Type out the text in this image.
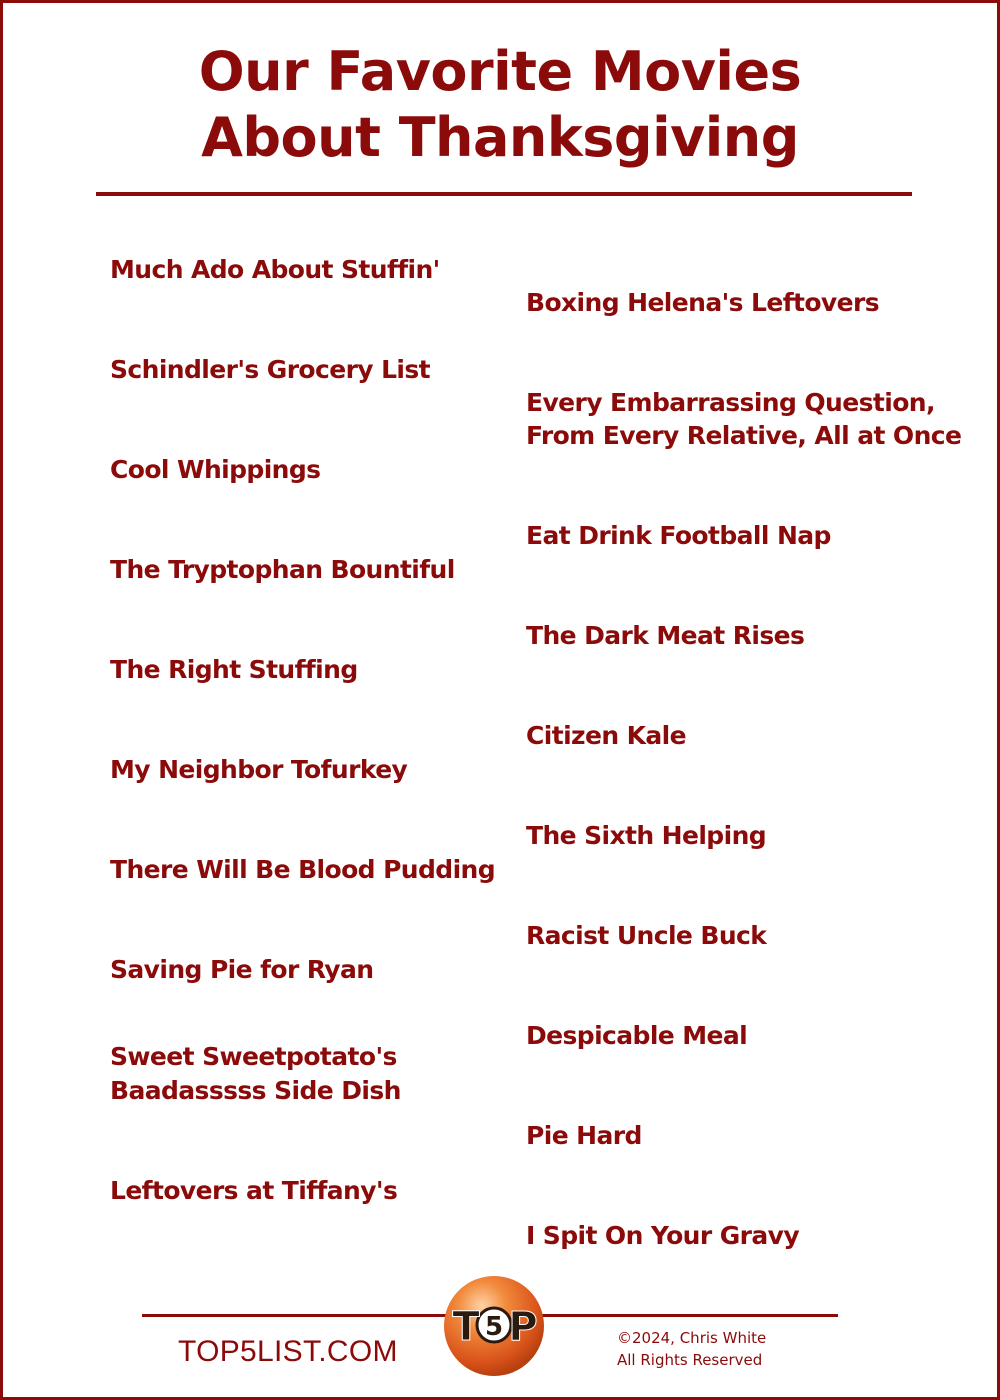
Our Favorite Movies
About Thanksgiving
Much Ado About Stuffin'
Schindler's Grocery List
Cool Whippings
The Tryptophan Bountiful
The Right Stuffing
My Neighbor Tofurkey
There Will Be Blood Pudding
Saving Pie for Ryan
Sweet Sweetpotato's
Baadasssss Side Dish
Leftovers at Tiffany's
Boxing Helena's Leftovers
Every Embarrassing Question,
From Every Relative, All at Once
Eat Drink Football Nap
The Dark Meat Rises
Citizen Kale
The Sixth Helping
Racist Uncle Buck
Despicable Meal
Pie Hard
I Spit On Your Gravy
TOP5LIST.COM
5
T P	©2024, Chris White
All Rights Reserved
